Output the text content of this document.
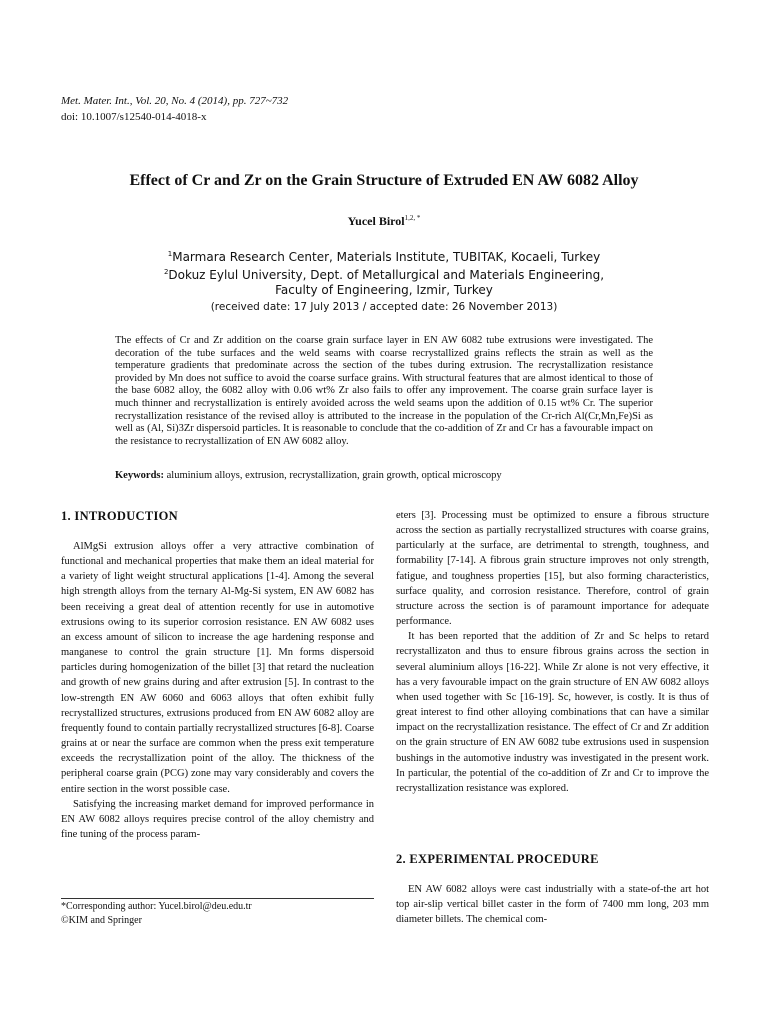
Met. Mater. Int., Vol. 20, No. 4 (2014), pp. 727~732
doi: 10.1007/s12540-014-4018-x
Effect of Cr and Zr on the Grain Structure of Extruded EN AW 6082 Alloy
Yucel Birol$^{1,2, *}$
$^1$Marmara Research Center, Materials Institute, TUBITAK, Kocaeli, Turkey
$^2$Dokuz Eylul University, Dept. of Metallurgical and Materials Engineering,
Faculty of Engineering, Izmir, Turkey
(received date: 17 July 2013 / accepted date: 26 November 2013)
The effects of Cr and Zr addition on the coarse grain surface layer in EN AW 6082 tube extrusions were investigated. The decoration of the tube surfaces and the weld seams with coarse recrystallized grains reflects the strain as well as the temperature gradients that predominate across the section of the tubes during extrusion. The recrystallization resistance provided by Mn does not suffice to avoid the coarse surface grains. With structural features that are almost identical to those of the base 6082 alloy, the 6082 alloy with 0.06 wt% Zr also fails to offer any improvement. The coarse grain surface layer is much thinner and recrystallization is entirely avoided across the weld seams upon the addition of 0.15 wt% Cr. The superior recrystallization resistance of the revised alloy is attributed to the increase in the population of the Cr-rich Al(Cr,Mn,Fe)Si as well as (Al, Si)3Zr dispersoid particles. It is reasonable to conclude that the co-addition of Zr and Cr has a favourable impact on the resistance to recrystallization of EN AW 6082 alloy.
Keywords: aluminium alloys, extrusion, recrystallization, grain growth, optical microscopy
1. INTRODUCTION

AlMgSi extrusion alloys offer a very attractive combination of functional and mechanical properties that make them an ideal material for a variety of light weight structural applications [1-4]. Among the several high strength alloys from the ternary Al-Mg-Si system, EN AW 6082 has been receiving a great deal of attention recently for use in automotive extrusions owing to its superior corrosion resistance. EN AW 6082 uses an excess amount of silicon to increase the age hardening response and manganese to control the grain structure [1]. Mn forms dispersoid particles during homogenization of the billet [3] that retard the nucleation and growth of new grains during and after extrusion [5]. In contrast to the low-strength EN AW 6060 and 6063 alloys that often exhibit fully recrystallized structures, extrusions produced from EN AW 6082 alloy are frequently found to contain partially recrystallized structures [6-8]. Coarse grains at or near the surface are common when the press exit temperature exceeds the recrystallization point of the alloy. The thickness of the peripheral coarse grain (PCG) zone may vary considerably and covers the entire section in the worst possible case.

Satisfying the increasing market demand for improved performance in EN AW 6082 alloys requires precise control of the alloy chemistry and fine tuning of the process param-

eters [3]. Processing must be optimized to ensure a fibrous structure across the section as partially recrystallized structures with coarse grains, particularly at the surface, are detrimental to strength, toughness, and formability [7-14]. A fibrous grain structure improves not only strength, fatigue, and toughness properties [15], but also forming characteristics, surface quality, and corrosion resistance. Therefore, control of grain structure across the section is of paramount importance for adequate performance.

It has been reported that the addition of Zr and Sc helps to retard recrystallizaton and thus to ensure fibrous grains across the section in several aluminium alloys [16-22]. While Zr alone is not very effective, it has a very favourable impact on the grain structure of EN AW 6082 alloys when used together with Sc [16-19]. Sc, however, is costly. It is thus of great interest to find other alloying combinations that can have a similar impact on the recrystallization resistance. The effect of Cr and Zr addition on the grain structure of EN AW 6082 tube extrusions used in suspension bushings in the automotive industry was investigated in the present work. In particular, the potential of the co-addition of Zr and Cr to improve the recrystallization resistance was explored.

2. EXPERIMENTAL PROCEDURE

EN AW 6082 alloys were cast industrially with a state-of-the art hot top air-slip vertical billet caster in the form of 7400 mm long, 203 mm diameter billets. The chemical com-

*Corresponding author: Yucel.birol@deu.edu.tr
©KIM and Springer
